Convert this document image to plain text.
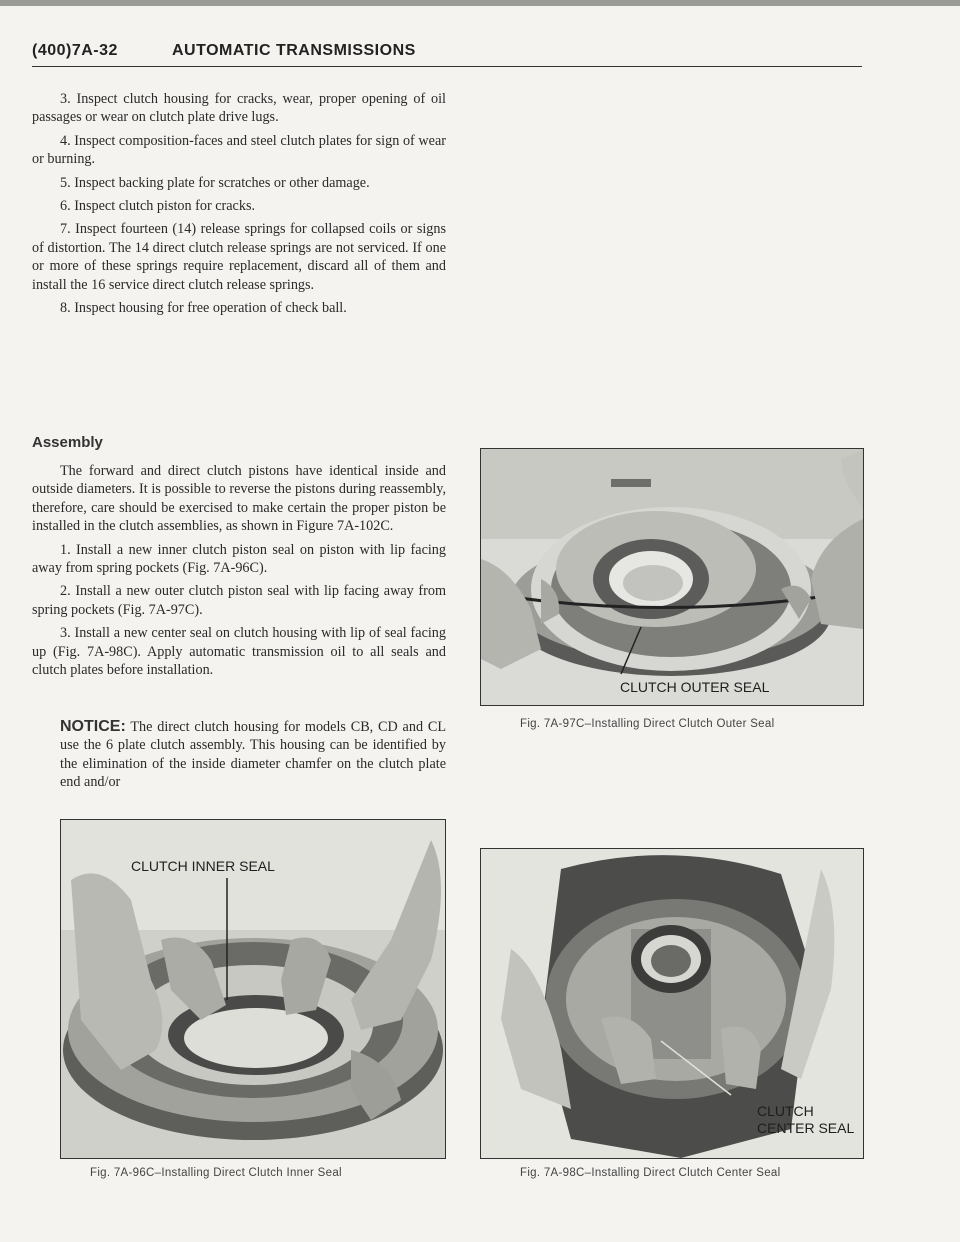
(400)7A-32	AUTOMATIC TRANSMISSIONS

3. Inspect clutch housing for cracks, wear, proper opening of oil passages or wear on clutch plate drive lugs.

4. Inspect composition-faces and steel clutch plates for sign of wear or burning.

5. Inspect backing plate for scratches or other damage.

6. Inspect clutch piston for cracks.

7. Inspect fourteen (14) release springs for collapsed coils or signs of distortion. The 14 direct clutch release springs are not serviced. If one or more of these springs require replacement, discard all of them and install the 16 service direct clutch release springs.

8. Inspect housing for free operation of check ball.

Assembly

The forward and direct clutch pistons have identical inside and outside diameters. It is possible to reverse the pistons during reassembly, therefore, care should be exercised to make certain the proper piston be installed in the clutch assemblies, as shown in Figure 7A-102C.

1. Install a new inner clutch piston seal on piston with lip facing away from spring pockets (Fig. 7A-96C).

2. Install a new outer clutch piston seal with lip facing away from spring pockets (Fig. 7A-97C).

3. Install a new center seal on clutch housing with lip of seal facing up (Fig. 7A-98C). Apply automatic transmission oil to all seals and clutch plates before installation.

NOTICE: The direct clutch housing for models CB, CD and CL use the 6 plate clutch assembly. This housing can be identified by the elimination of the inside diameter chamfer on the clutch plate end and/or
CLUTCH OUTER SEAL
Fig. 7A-97C–Installing Direct Clutch Outer Seal
CLUTCH INNER SEAL
Fig. 7A-96C–Installing Direct Clutch Inner Seal
CLUTCH
CENTER SEAL
Fig. 7A-98C–Installing Direct Clutch Center Seal
